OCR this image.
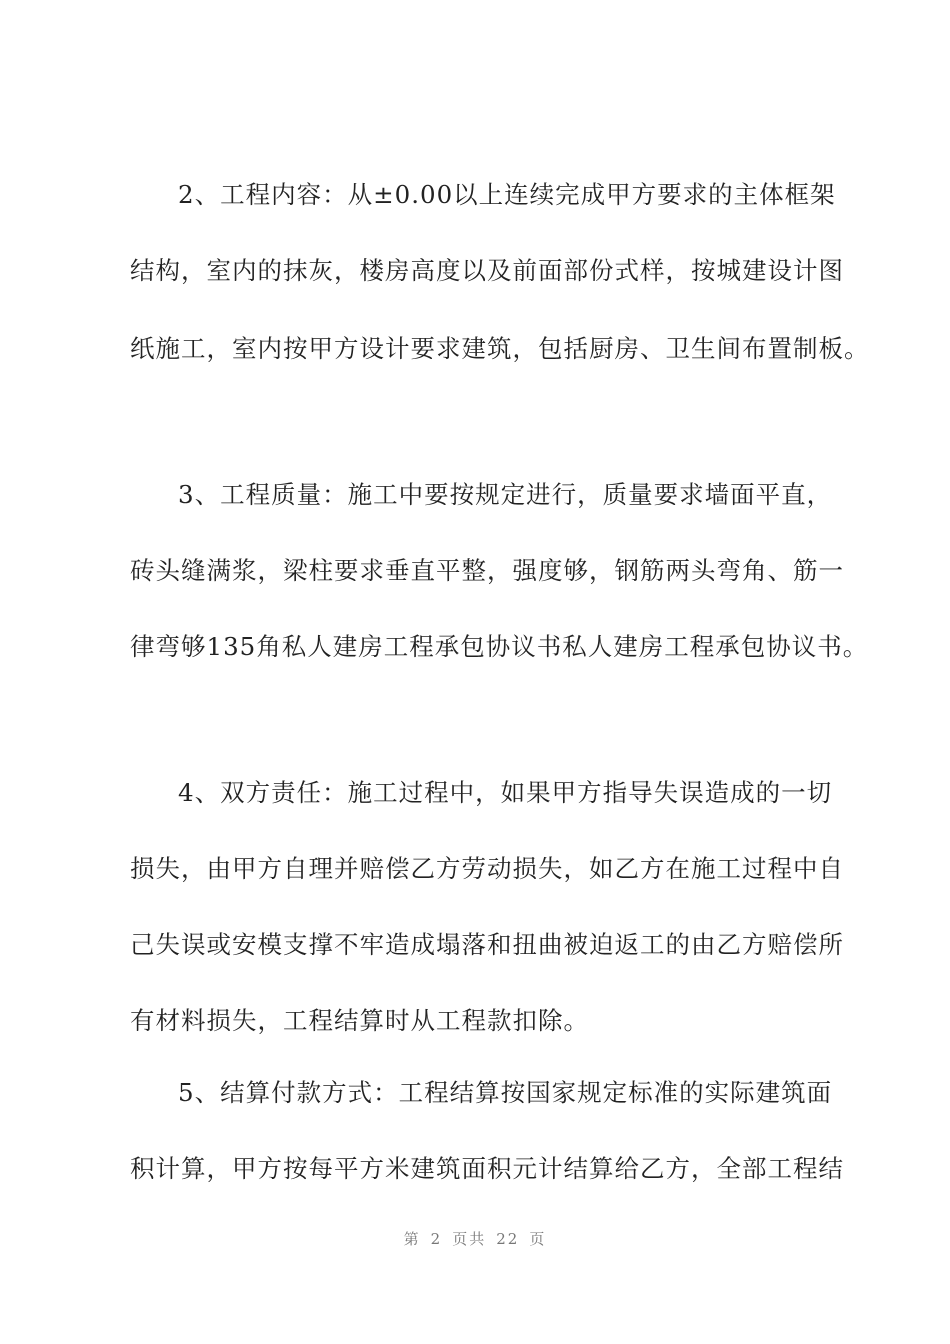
2、工程内容：从±0.00以上连续完成甲方要求的主体框架
结构，室内的抹灰，楼房高度以及前面部份式样，按城建设计图
纸施工，室内按甲方设计要求建筑，包括厨房、卫生间布置制板。
3、工程质量：施工中要按规定进行，质量要求墙面平直，
砖头缝满浆，梁柱要求垂直平整，强度够，钢筋两头弯角、筋一
律弯够135角私人建房工程承包协议书私人建房工程承包协议书。
4、双方责任：施工过程中，如果甲方指导失误造成的一切
损失，由甲方自理并赔偿乙方劳动损失，如乙方在施工过程中自
己失误或安模支撑不牢造成塌落和扭曲被迫返工的由乙方赔偿所
有材料损失，工程结算时从工程款扣除。
5、结算付款方式：工程结算按国家规定标准的实际建筑面
积计算，甲方按每平方米建筑面积元计结算给乙方，全部工程结
第 2 页共 22 页
